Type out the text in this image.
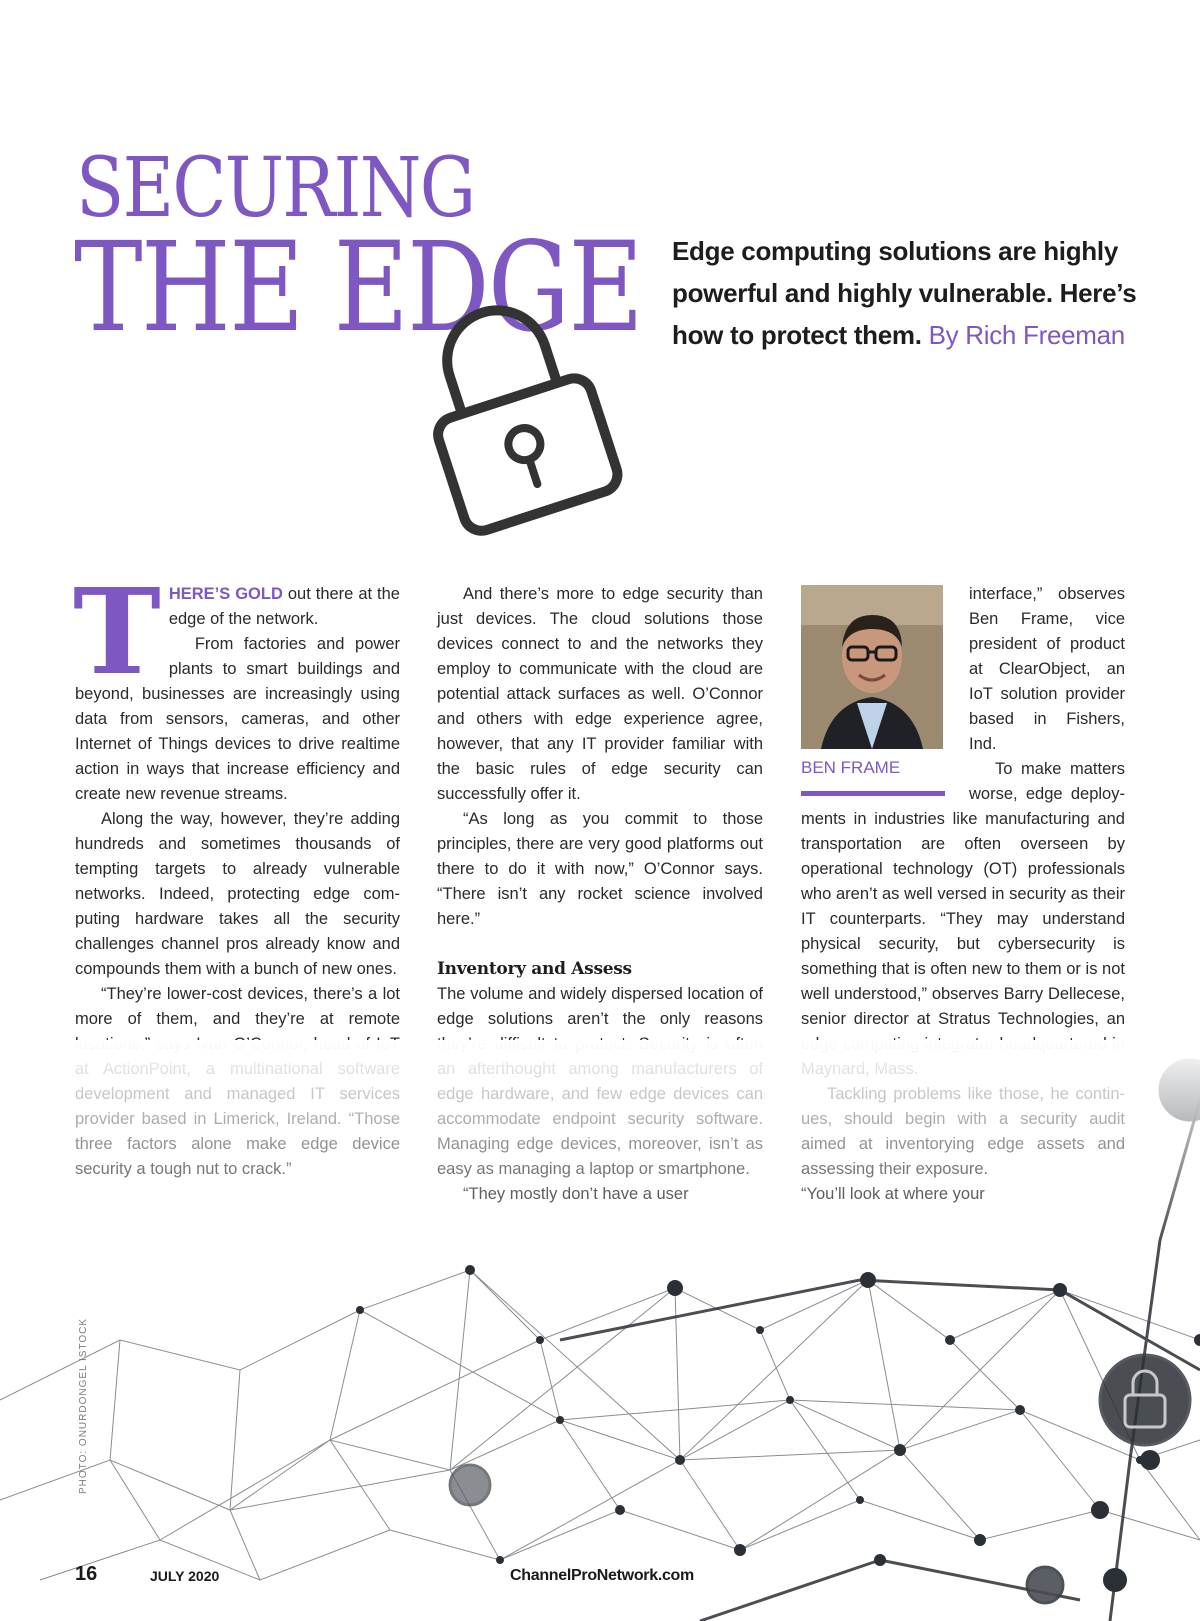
SECURING
THE EDGE Edge computing solutions are highly powerful and highly vulnerable. Here’s how to protect them. By Rich Freeman
T HERE’S GOLD out there at the edge of the network.

From factories and power plants to smart buildings and beyond, businesses are increasingly using data from sensors, cameras, and other Internet of Things devices to drive realtime action in ways that increase efficiency and create new revenue streams.

Along the way, however, they’re adding hundreds and sometimes thousands of tempting targets to already vulnerable networks. Indeed, protecting edge computing hardware takes all the security challenges channel pros already know and compounds them with a bunch of new ones.

“They’re lower-cost devices, there’s a lot more of them, and they’re at remote

And there’s more to edge security than just devices. The cloud solutions those devices connect to and the networks they employ to communicate with the cloud are potential attack surfaces as well. O’Connor and others with edge experience agree, however, that any IT provider familiar with the basic rules of edge security can successfully offer it.

“As long as you commit to those principles, there are very good platforms out there to do it with now,” O’Connor says. “There isn’t any rocket science involved here.”

Inventory and Assess

The volume and widely dispersed location of edge solutions aren’t the only reasons

BEN FRAME

interface,” observes Ben Frame, vice president of product at ClearObject, an IoT solution provider based in Fishers, Ind.

To make matters worse, edge deployments in industries like manufacturing and transportation are often overseen by operational technology (OT) professionals who aren’t as well versed in security as their IT counterparts. “They may understand physical security, but cybersecurity is something that is often new to them or is not well understood,” observes Barry Dellecese, senior director at Stratus Technologies, an

PHOTO: ONURDONGEL ISTOCK
16	JULY 2020	ChannelProNetwork.com
